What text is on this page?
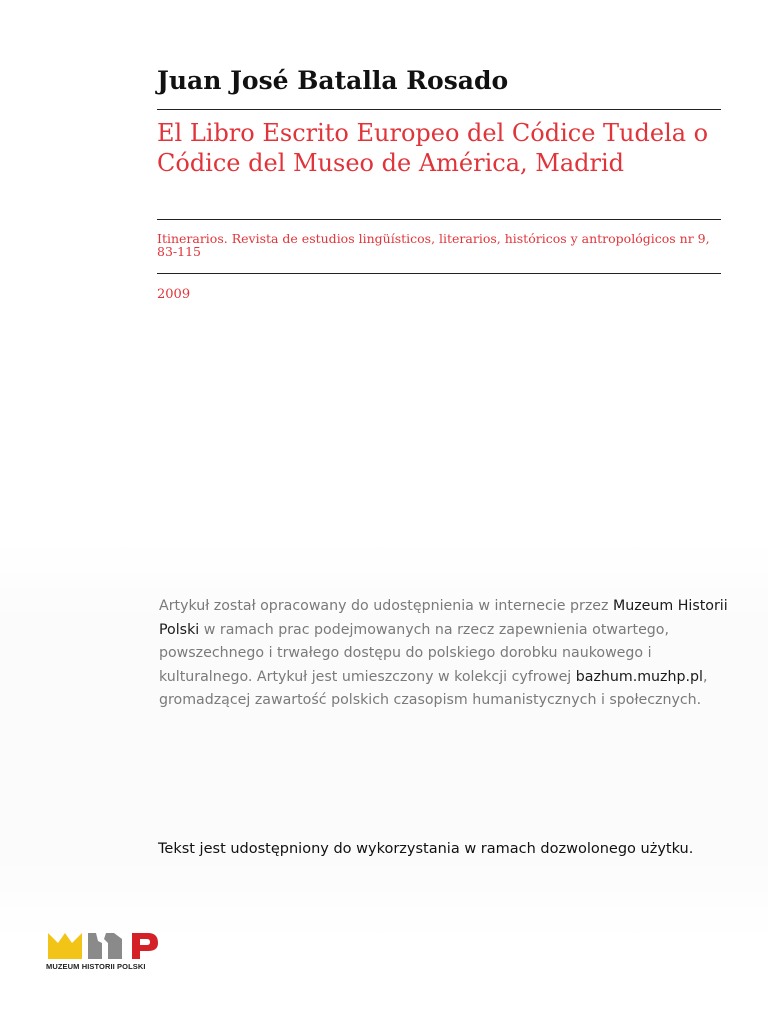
Juan José Batalla Rosado
El Libro Escrito Europeo del Códice Tudela o Códice del Museo de América, Madrid
Itinerarios. Revista de estudios lingüísticos, literarios, históricos y antropológicos nr 9, 83-115
2009
Artykuł został opracowany do udostępnienia w internecie przez Muzeum Historii Polski w ramach prac podejmowanych na rzecz zapewnienia otwartego, powszechnego i trwałego dostępu do polskiego dorobku naukowego i kulturalnego. Artykuł jest umieszczony w kolekcji cyfrowej bazhum.muzhp.pl, gromadzącej zawartość polskich czasopism humanistycznych i społecznych.
Tekst jest udostępniony do wykorzystania w ramach dozwolonego użytku.
MUZEUM HISTORII POLSKI
